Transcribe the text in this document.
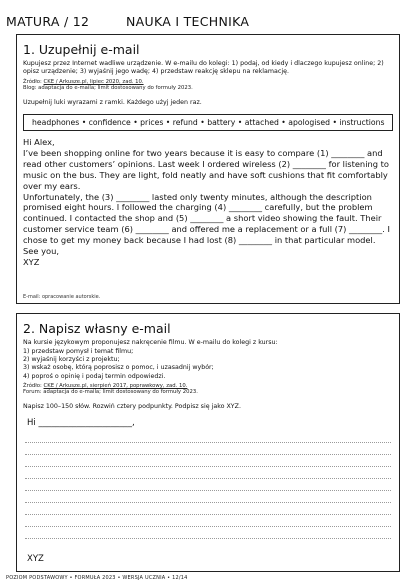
MATURA / 12	NAUKA I TECHNIKA
1. Uzupełnij e-mail
Kupujesz przez Internet wadliwe urządzenie. W e-mailu do kolegi: 1) podaj, od kiedy i dlaczego kupujesz online; 2) opisz urządzenie; 3) wyjaśnij jego wadę; 4) przedstaw reakcję sklepu na reklamację.
Źródło: CKE / Arkusze.pl, lipiec 2020, zad. 10.
Blog: adaptacja do e-maila; limit dostosowany do formuły 2023.
Uzupełnij luki wyrazami z ramki. Każdego użyj jeden raz.
headphones • confidence • prices • refund • battery • attached • apologised • instructions

Hi Alex,

I’ve been shopping online for two years because it is easy to compare (1) ________ and read other customers’ opinions. Last week I ordered wireless (2) ________ for listening to music on the bus. They are light, fold neatly and have soft cushions that fit comfortably over my ears.

Unfortunately, the (3) ________ lasted only twenty minutes, although the description promised eight hours. I followed the charging (4) ________ carefully, but the problem continued. I contacted the shop and (5) ________ a short video showing the fault. Their customer service team (6) ________ and offered me a replacement or a full (7) ________. I chose to get my money back because I had lost (8) ________ in that particular model.

See you,

XYZ

E-mail: opracowanie autorskie.
2. Napisz własny e-mail
Na kursie językowym proponujesz nakręcenie filmu. W e-mailu do kolegi z kursu:
1) przedstaw pomysł i temat filmu;
2) wyjaśnij korzyści z projektu;
3) wskaż osobę, którą poprosisz o pomoc, i uzasadnij wybór;
4) poproś o opinię i podaj termin odpowiedzi.
Źródło: CKE / Arkusze.pl, sierpień 2017, poprawkowy, zad. 10.
Forum: adaptacja do e-maila; limit dostosowany do formuły 2023.
Napisz 100–150 słów. Rozwiń cztery podpunkty. Podpisz się jako XYZ.
Hi ______________________,
XYZ
POZIOM PODSTAWOWY • FORMUŁA 2023 • WERSJA UCZNIA • 12/14
